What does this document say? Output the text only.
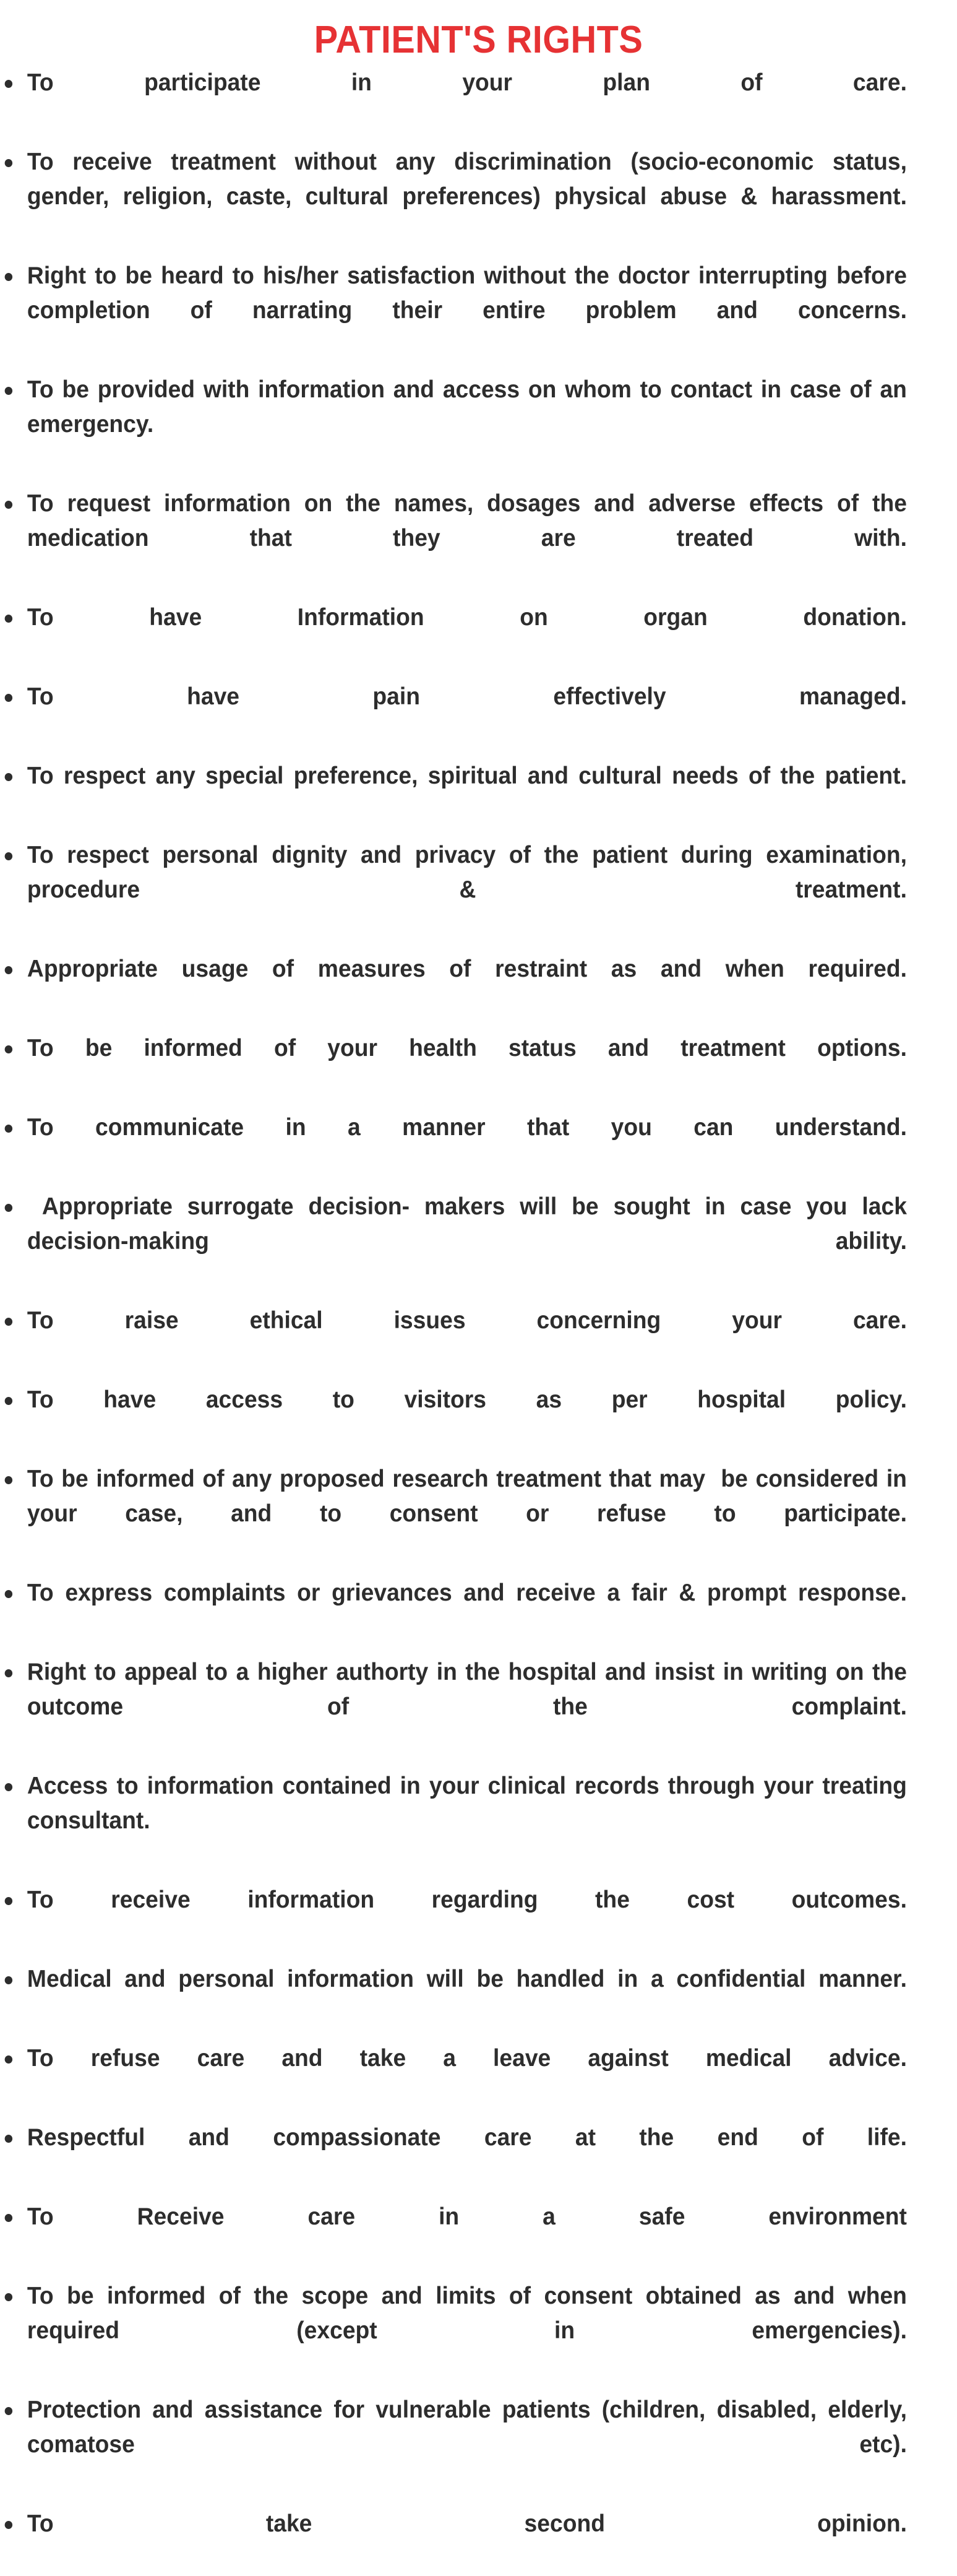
PATIENT'S RIGHTS
To participate in your plan of care.
To receive treatment without any discrimination (socio-economic status, gender, religion, caste, cultural preferences) physical abuse & harassment.
Right to be heard to his/her satisfaction without the doctor interrupting before completion of narrating their entire problem and concerns.
To be provided with information and access on whom to contact in case of an emergency.
To request information on the names, dosages and adverse effects of the medication that they are treated with.
To have Information on organ donation.
To have pain effectively managed.
To respect any special preference, spiritual and cultural needs of the patient.
To respect personal dignity and privacy of the patient during examination, procedure & treatment.
Appropriate usage of measures of restraint as and when required.
To be informed of your health status and treatment options.
To communicate in a manner that you can understand.
Appropriate surrogate decision- makers will be sought in case you lack decision-making ability.
To raise ethical issues concerning your care.
To have access to visitors as per hospital policy.
To be informed of any proposed research treatment that may  be considered in your case, and to consent or refuse to participate.
To express complaints or grievances and receive a fair & prompt response.
Right to appeal to a higher authorty in the hospital and insist in writing on the outcome of the complaint.
Access to information contained in your clinical records through your treating consultant.
To receive information regarding the cost outcomes.
Medical and personal information will be handled in a confidential manner.
To refuse care and take a leave against medical advice.
Respectful and compassionate care at the end of life.
To Receive care in a safe environment
To be informed of the scope and limits of consent obtained as and when required (except in emergencies).
Protection and assistance for vulnerable patients (children, disabled, elderly, comatose etc).
To take second opinion.
